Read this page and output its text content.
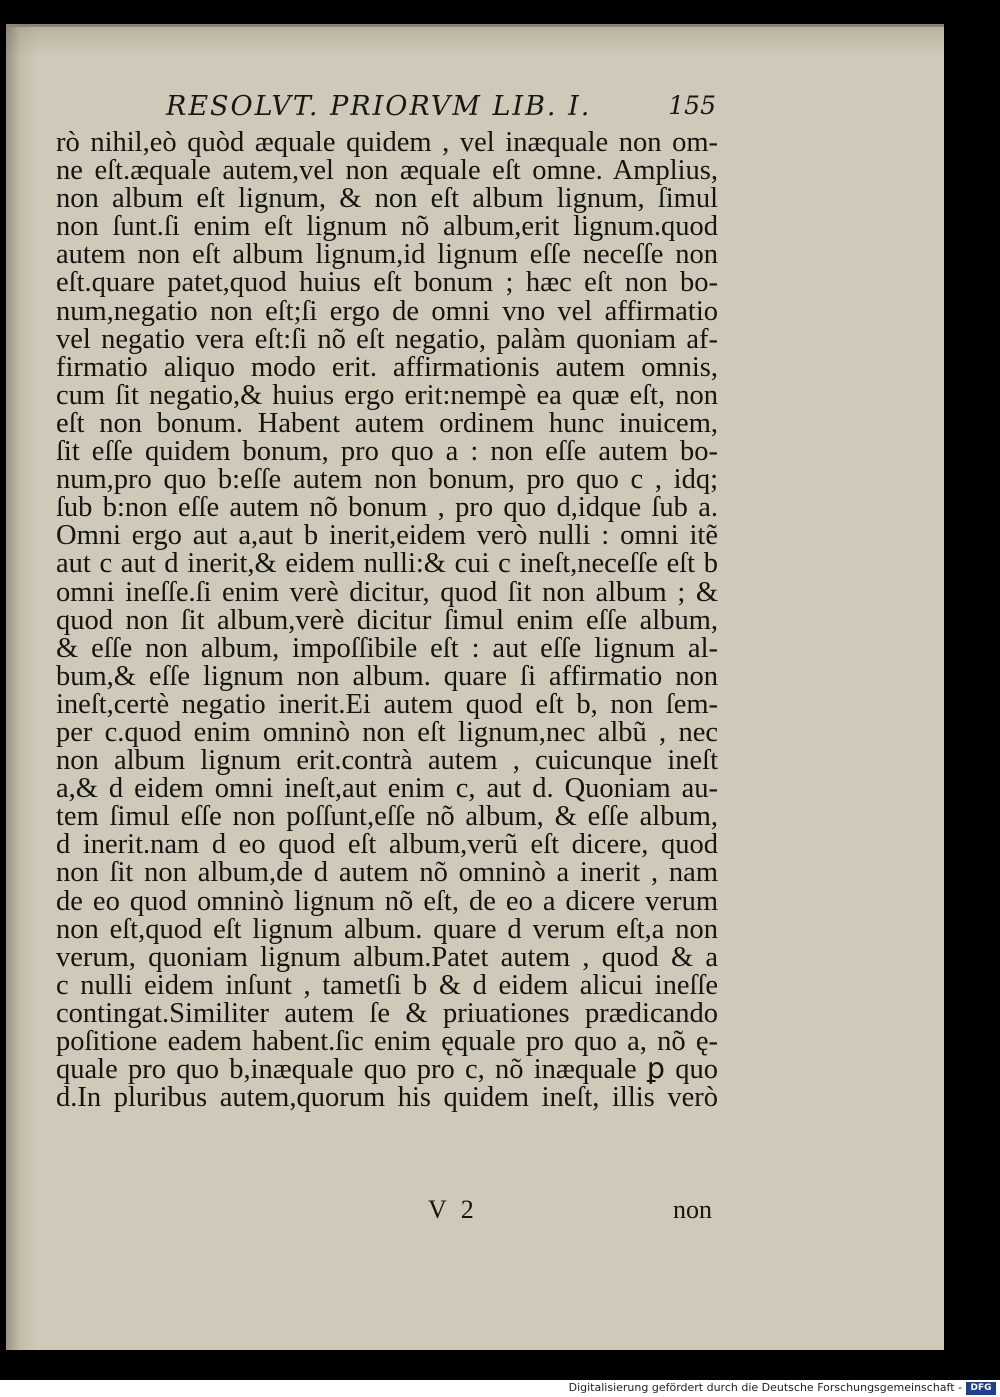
RESOLVT. PRIORVM LIB. I.	155
rò nihil,eò quòd æquale quidem , vel inæquale non om-
ne eſt.æquale autem,vel non æquale eſt omne. Amplius,
non album eſt lignum, & non eſt album lignum, ſimul
non ſunt.ſi enim eſt lignum nõ album,erit lignum.quod
autem non eſt album lignum,id lignum eſſe neceſſe non
eſt.quare patet,quod huius eſt bonum ; hæc eſt non bo-
num,negatio non eſt;ſi ergo de omni vno vel affirmatio
vel negatio vera eſt:ſi nõ eſt negatio, palàm quoniam af-
firmatio aliquo modo erit. affirmationis autem omnis,
cum ſit negatio,& huius ergo erit:nempè ea quæ eſt, non
eſt non bonum. Habent autem ordinem hunc inuicem,
ſit eſſe quidem bonum, pro quo a : non eſſe autem bo-
num,pro quo b:eſſe autem non bonum, pro quo c , idq;
ſub b:non eſſe autem nõ bonum , pro quo d,idque ſub a.
Omni ergo aut a,aut b inerit,eidem verò nulli : omni itẽ
aut c aut d inerit,& eidem nulli:& cui c ineſt,neceſſe eſt b
omni ineſſe.ſi enim verè dicitur, quod ſit non album ; &
quod non ſit album,verè dicitur ſimul enim eſſe album,
& eſſe non album, impoſſibile eſt : aut eſſe lignum al-
bum,& eſſe lignum non album. quare ſi affirmatio non
ineſt,certè negatio inerit.Ei autem quod eſt b, non ſem-
per c.quod enim omninò non eſt lignum,nec albũ , nec
non album lignum erit.contrà autem , cuicunque ineſt
a,& d eidem omni ineſt,aut enim c, aut d. Quoniam au-
tem ſimul eſſe non poſſunt,eſſe nõ album, & eſſe album,
d inerit.nam d eo quod eſt album,verũ eſt dicere, quod
non ſit non album,de d autem nõ omninò a inerit , nam
de eo quod omninò lignum nõ eſt, de eo a dicere verum
non eſt,quod eſt lignum album. quare d verum eſt,a non
verum, quoniam lignum album.Patet autem , quod & a
c nulli eidem inſunt , tametſi b & d eidem alicui ineſſe
contingat.Similiter autem ſe & priuationes prædicando
poſitione eadem habent.ſic enim ęquale pro quo a, nõ ę-
quale pro quo b,inæquale quo pro c, nõ inæquale ꝑ quo
d.In pluribus autem,quorum his quidem ineſt, illis verò
V 2	non
Digitalisierung gefördert durch die Deutsche Forschungsgemeinschaft - DFG
